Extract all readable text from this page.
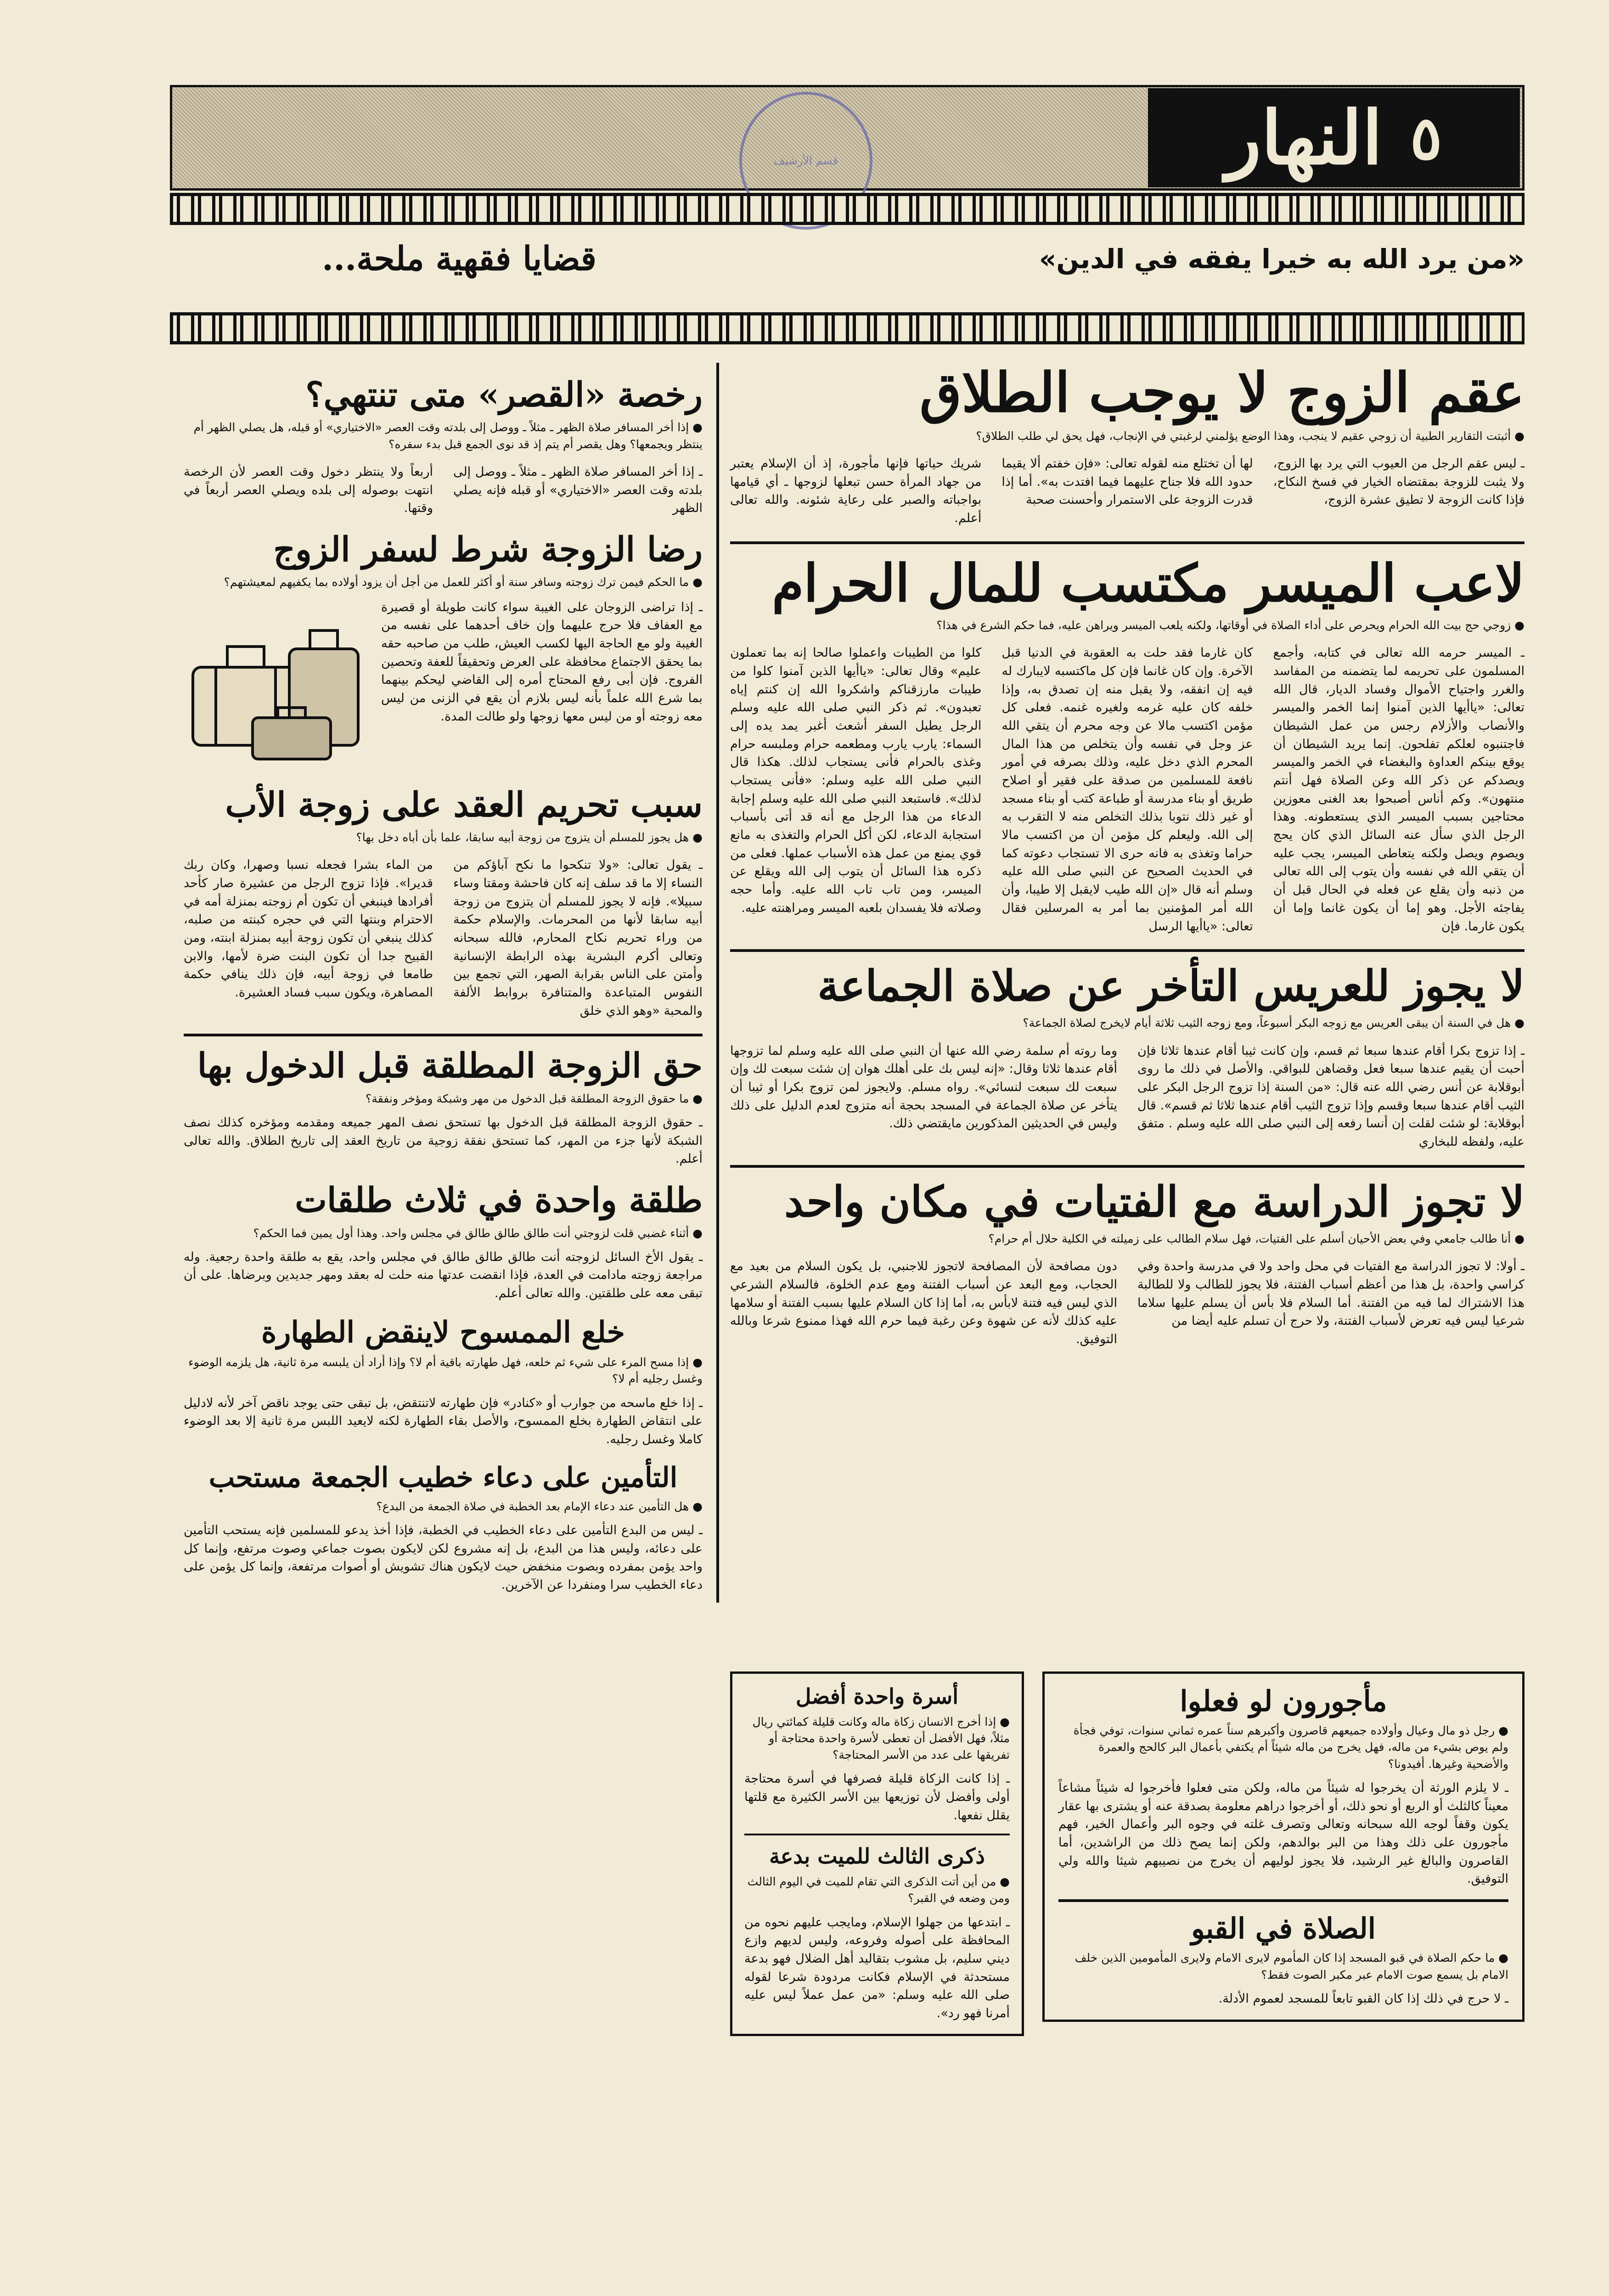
٥
النهار
قسم الأرشيف
«من يرد الله به خيرا يفقه في الدين»
قضايا فقهية ملحة...
عقم الزوج لا يوجب الطلاق

● أثبتت التقارير الطبية أن زوجي عقيم لا ينجب، وهذا الوضع يؤلمني لرغبتي في الإنجاب، فهل يحق لي طلب الطلاق؟

ـ ليس عقم الرجل من العيوب التي يرد بها الزوج، ولا يثبت للزوجة بمقتضاه الخيار في فسخ النكاح، فإذا كانت الزوجة لا تطيق عشرة الزوج،

لها أن تختلع منه لقوله تعالى: «فإن خفتم ألا يقيما حدود الله فلا جناح عليهما فيما افتدت به». أما إذا قدرت الزوجة على الاستمرار وأحسنت صحبة

شريك حياتها فإنها مأجورة، إذ أن الإسلام يعتبر من جهاد المرأة حسن تبعلها لزوجها ـ أي قيامها بواجباته والصبر على رعاية شئونه. والله تعالى أعلم.

لاعب الميسر مكتسب للمال الحرام

● زوجي حج بيت الله الحرام ويحرص على أداء الصلاة في أوقاتها، ولكنه يلعب الميسر ويراهن عليه، فما حكم الشرع في هذا؟

ـ الميسر حرمه الله تعالى في كتابه، وأجمع المسلمون على تحريمه لما يتضمنه من المفاسد والغرر واجتياح الأموال وفساد الديار، قال الله تعالى: «ياأيها الذين آمنوا إنما الخمر والميسر والأنصاب والأزلام رجس من عمل الشيطان فاجتنبوه لعلكم تفلحون. إنما يريد الشيطان أن يوقع بينكم العداوة والبغضاء في الخمر والميسر ويصدكم عن ذكر الله وعن الصلاة فهل أنتم منتهون». وكم أناس أصبحوا بعد الغنى معوزين محتاجين بسبب الميسر الذي يستعطونه. وهذا الرجل الذي سأل عنه السائل الذي كان يحج ويصوم ويصل ولكنه يتعاطى الميسر، يجب عليه أن يتقي الله في نفسه وأن يتوب إلى الله تعالى من ذنبه وأن يقلع عن فعله في الحال قبل أن يفاجئه الأجل. وهو إما أن يكون غانما وإما أن يكون غارما. فإن

كان غارما فقد حلت به العقوبة في الدنيا قبل الآخرة. وإن كان غانما فإن كل ماكتسبه لايبارك له فيه إن انفقه، ولا يقبل منه إن تصدق به، وإذا خلفه كان عليه غرمه ولغيره غنمه. فعلى كل مؤمن اكتسب مالا عن وجه محرم أن يتقي الله عز وجل في نفسه وأن يتخلص من هذا المال المحرم الذي دخل عليه، وذلك بصرفه في أمور نافعة للمسلمين من صدقة على فقير أو اصلاح طريق أو بناء مدرسة أو طباعة كتب أو بناء مسجد أو غير ذلك نتوبا بذلك التخلص منه لا التقرب به إلى الله. وليعلم كل مؤمن أن من اكتسب مالا حراما وتغذى به فانه حرى الا تستجاب دعوته كما في الحديث الصحيح عن النبي صلى الله عليه وسلم أنه قال «إن الله طيب لايقبل إلا طيبا، وأن الله أمر المؤمنين بما أمر به المرسلين فقال تعالى: «ياأيها الرسل

كلوا من الطيبات واعملوا صالحا إنه بما تعملون عليم» وقال تعالى: «ياأيها الذين آمنوا كلوا من طيبات مارزقناكم واشكروا الله إن كنتم إياه تعبدون». ثم ذكر النبي صلى الله عليه وسلم الرجل يطيل السفر أشعث أغبر يمد يده إلى السماء: يارب يارب ومطعمه حرام وملبسه حرام وغذى بالحرام فأنى يستجاب لذلك. هكذا قال النبي صلى الله عليه وسلم: «فأنى يستجاب لذلك». فاستبعد النبي صلى الله عليه وسلم إجابة الدعاء من هذا الرجل مع أنه قد أتى بأسباب استجابة الدعاء، لكن أكل الحرام والتغذى به مانع قوي يمنع من عمل هذه الأسباب عملها. فعلى من ذكره هذا السائل أن يتوب إلى الله ويقلع عن الميسر، ومن تاب تاب الله عليه. وأما حجه وصلاته فلا يفسدان بلعبه الميسر ومراهنته عليه.

لا يجوز للعريس التأخر عن صلاة الجماعة

● هل في السنة أن يبقى العريس مع زوجه البكر أسبوعاً، ومع زوجه الثيب ثلاثة أيام لايخرج لصلاة الجماعة؟

ـ إذا تزوج بكرا أقام عندها سبعا ثم قسم، وإن كانت ثيبا أقام عندها ثلاثا فإن أحبت أن يقيم عندها سبعا فعل وقضاهن للبواقي. والأصل في ذلك ما روى أبوقلابة عن أنس رضي الله عنه قال: «من السنة إذا تزوج الرجل البكر على الثيب أقام عندها سبعا وقسم وإذا تزوج الثيب أقام عندها ثلاثا ثم قسم». قال أبوقلابة: لو شئت لقلت إن أنسا رفعه إلى النبي صلى الله عليه وسلم . متفق عليه، ولفظه للبخاري

وما روته أم سلمة رضي الله عنها أن النبي صلى الله عليه وسلم لما تزوجها أقام عندها ثلاثا وقال: «إنه ليس بك على أهلك هوان إن شئت سبعت لك وإن سبعت لك سبعت لنسائي». رواه مسلم. ولايجوز لمن تزوج بكرا أو ثيبا أن يتأخر عن صلاة الجماعة في المسجد بحجة أنه متزوج لعدم الدليل على ذلك وليس في الحديثين المذكورين مايقتضي ذلك.

لا تجوز الدراسة مع الفتيات في مكان واحد

● أنا طالب جامعي وفي بعض الأحيان أسلم على الفتيات، فهل سلام الطالب على زميلته في الكلية حلال أم حرام؟

ـ أولا: لا تجوز الدراسة مع الفتيات في محل واحد ولا في مدرسة واحدة وفي كراسي واحدة، بل هذا من أعظم أسباب الفتنة، فلا يجوز للطالب ولا للطالبة هذا الاشتراك لما فيه من الفتنة. أما السلام فلا بأس أن يسلم عليها سلاما شرعيا ليس فيه تعرض لأسباب الفتنة، ولا حرج أن تسلم عليه أيضا من

دون مصافحة لأن المصافحة لاتجوز للاجنبي، بل يكون السلام من بعيد مع الحجاب، ومع البعد عن أسباب الفتنة ومع عدم الخلوة، فالسلام الشرعي الذي ليس فيه فتنة لابأس به، أما إذا كان السلام عليها بسبب الفتنة أو سلامها عليه كذلك لأنه عن شهوة وعن رغبة فيما حرم الله فهذا ممنوع شرعا وبالله التوفيق.

رخصة «القصر» متى تنتهي؟

● إذا أخر المسافر صلاة الظهر ـ مثلاً ـ ووصل إلى بلدته وقت العصر «الاختياري» أو قبله، هل يصلي الظهر أم ينتظر ويجمعها؟ وهل يقصر أم يتم إذ قد نوى الجمع قبل بدء سفره؟

ـ إذا أخر المسافر صلاة الظهر ـ مثلاً ـ ووصل إلى بلدته وقت العصر «الاختياري» أو قبله فإنه يصلي الظهر

أربعاً ولا ينتظر دخول وقت العصر لأن الرخصة انتهت بوصوله إلى بلده ويصلي العصر أربعاً في وقتها.

رضا الزوجة شرط لسفر الزوج

● ما الحكم فيمن ترك زوجته وسافر سنة أو أكثر للعمل من أجل أن يزود أولاده بما يكفيهم لمعيشتهم؟

ـ إذا تراضى الزوجان على الغيبة سواء كانت طويلة أو قصيرة مع العفاف فلا حرج عليهما وإن خاف أحدهما على نفسه من الغيبة ولو مع الحاجة اليها لكسب العيش، طلب من صاحبه حقه بما يحقق الاجتماع محافظة على العرض وتحقيقاً للعفة وتحصين الفروج. فإن أبى رفع المحتاج أمره إلى القاضي ليحكم بينهما بما شرع الله علماً بأنه ليس بلازم أن يقع في الزنى من ليس معه زوجته أو من ليس معها زوجها ولو طالت المدة.

سبب تحريم العقد على زوجة الأب

● هل يجوز للمسلم أن يتزوج من زوجة أبيه سابقا، علما بأن أباه دخل بها؟

ـ يقول تعالى: «ولا تنكحوا ما نكح آباؤكم من النساء إلا ما قد سلف إنه كان فاحشة ومقتا وساء سبيلا». فإنه لا يجوز للمسلم أن يتزوج من زوجة أبيه سابقا لأنها من المحرمات. والإسلام حكمة من وراء تحريم نكاح المحارم، فالله سبحانه وتعالى أكرم البشرية بهذه الرابطة الإنسانية وأمتن على الناس بقرابة الصهر، التي تجمع بين النفوس المتباعدة والمتنافرة بروابط الألفة والمحبة «وهو الذي خلق

من الماء بشرا فجعله نسبا وصهرا، وكان ربك قديرا». فإذا تزوج الرجل من عشيرة صار كأحد أفرادها فينبغي أن تكون أم زوجته بمنزلة أمه في الاحترام وبنتها التي في حجره كبنته من صلبه، كذلك ينبغي أن تكون زوجة أبيه بمنزلة ابنته، ومن القبيح جدا أن تكون البنت ضرة لأمها، والابن طامعا في زوجة أبيه، فإن ذلك ينافي حكمة المصاهرة، ويكون سبب فساد العشيرة.

حق الزوجة المطلقة قبل الدخول بها

● ما حقوق الزوجة المطلقة قبل الدخول من مهر وشبكة ومؤخر ونفقة؟

ـ حقوق الزوجة المطلقة قبل الدخول بها تستحق نصف المهر جميعه ومقدمه ومؤخره كذلك نصف الشبكة لأنها جزء من المهر، كما تستحق نفقة زوجية من تاريخ العقد إلى تاريخ الطلاق. والله تعالى أعلم.

طلقة واحدة في ثلاث طلقات

● أثناء غضبي قلت لزوجتي أنت طالق طالق طالق في مجلس واحد. وهذا أول يمين فما الحكم؟

ـ يقول الأخ السائل لزوجته أنت طالق طالق طالق في مجلس واحد، يقع به طلقة واحدة رجعية. وله مراجعة زوجته مادامت في العدة، فإذا انقضت عدتها منه حلت له بعقد ومهر جديدين وبرضاها. على أن تبقى معه على طلقتين. والله تعالى أعلم.

خلع الممسوح لاينقض الطهارة

● إذا مسح المرء على شيء ثم خلعه، فهل طهارته باقية أم لا؟ وإذا أراد أن يلبسه مرة ثانية، هل يلزمه الوضوء وغسل رجليه أم لا؟

ـ إذا خلع ماسحه من جوارب أو «كنادر» فإن طهارته لاتنتقض، بل تبقى حتى يوجد ناقض آخر لأنه لادليل على انتقاض الطهارة بخلع الممسوح، والأصل بقاء الطهارة لكنه لايعيد اللبس مرة ثانية إلا بعد الوضوء كاملا وغسل رجليه.

التأمين على دعاء خطيب الجمعة مستحب

● هل التأمين عند دعاء الإمام بعد الخطبة في صلاة الجمعة من البدع؟

ـ ليس من البدع التأمين على دعاء الخطيب في الخطبة، فإذا أخذ يدعو للمسلمين فإنه يستحب التأمين على دعائه، وليس هذا من البدع، بل إنه مشروع لكن لايكون بصوت جماعي وصوت مرتفع، وإنما كل واحد يؤمن بمفرده وبصوت منخفض حيث لايكون هناك تشويش أو أصوات مرتفعة، وإنما كل يؤمن على دعاء الخطيب سرا ومنفردا عن الآخرين.

مأجورون لو فعلوا

● رجل ذو مال وعيال وأولاده جميعهم قاصرون وأكبرهم سناً عمره ثماني سنوات، توفي فجأة ولم يوص بشيء من ماله، فهل يخرج من ماله شيئاً أم يكتفي بأعمال البر كالحج والعمرة والأضحية وغيرها. أفيدونا؟

ـ لا يلزم الورثة أن يخرجوا له شيئاً من ماله، ولكن متى فعلوا فأخرجوا له شيئاً مشاعاً معيناً كالثلث أو الربع أو نحو ذلك، أو أخرجوا دراهم معلومة بصدقة عنه أو يشترى بها عقار يكون وقفاً لوجه الله سبحانه وتعالى وتصرف غلته في وجوه البر وأعمال الخير، فهم مأجورون على ذلك وهذا من البر بوالدهم، ولكن إنما يصح ذلك من الراشدين، أما القاصرون والبالغ غير الرشيد، فلا يجوز لوليهم أن يخرج من نصيبهم شيئا والله ولي التوفيق.

الصلاة في القبو

● ما حكم الصلاة في قبو المسجد إذا كان المأموم لايرى الامام ولايرى المأمومين الذين خلف الامام بل يسمع صوت الامام عبر مكبر الصوت فقط؟

ـ لا حرج في ذلك إذا كان القبو تابعاً للمسجد لعموم الأدلة.

أسرة واحدة أفضل

● إذا أخرج الانسان زكاة ماله وكانت قليلة كمائتي ريال مثلاً، فهل الأفضل أن تعطى لأسرة واحدة محتاجة أو تفريقها على عدد من الأسر المحتاجة؟

ـ إذا كانت الزكاة قليلة فصرفها في أسرة محتاجة أولى وأفضل لأن توزيعها بين الأسر الكثيرة مع قلتها يقلل نفعها.

ذكرى الثالث للميت بدعة

● من أين أتت الذكرى التي تقام للميت في اليوم الثالث ومن وضعه في القبر؟

ـ ابتدعها من جهلوا الإسلام، ومايجب عليهم نحوه من المحافظة على أصوله وفروعه، وليس لديهم وازع ديني سليم، بل مشوب بتقاليد أهل الضلال فهو بدعة مستحدثة في الإسلام فكانت مردودة شرعا لقوله صلى الله عليه وسلم: «من عمل عملاً ليس عليه أمرنا فهو رد».
